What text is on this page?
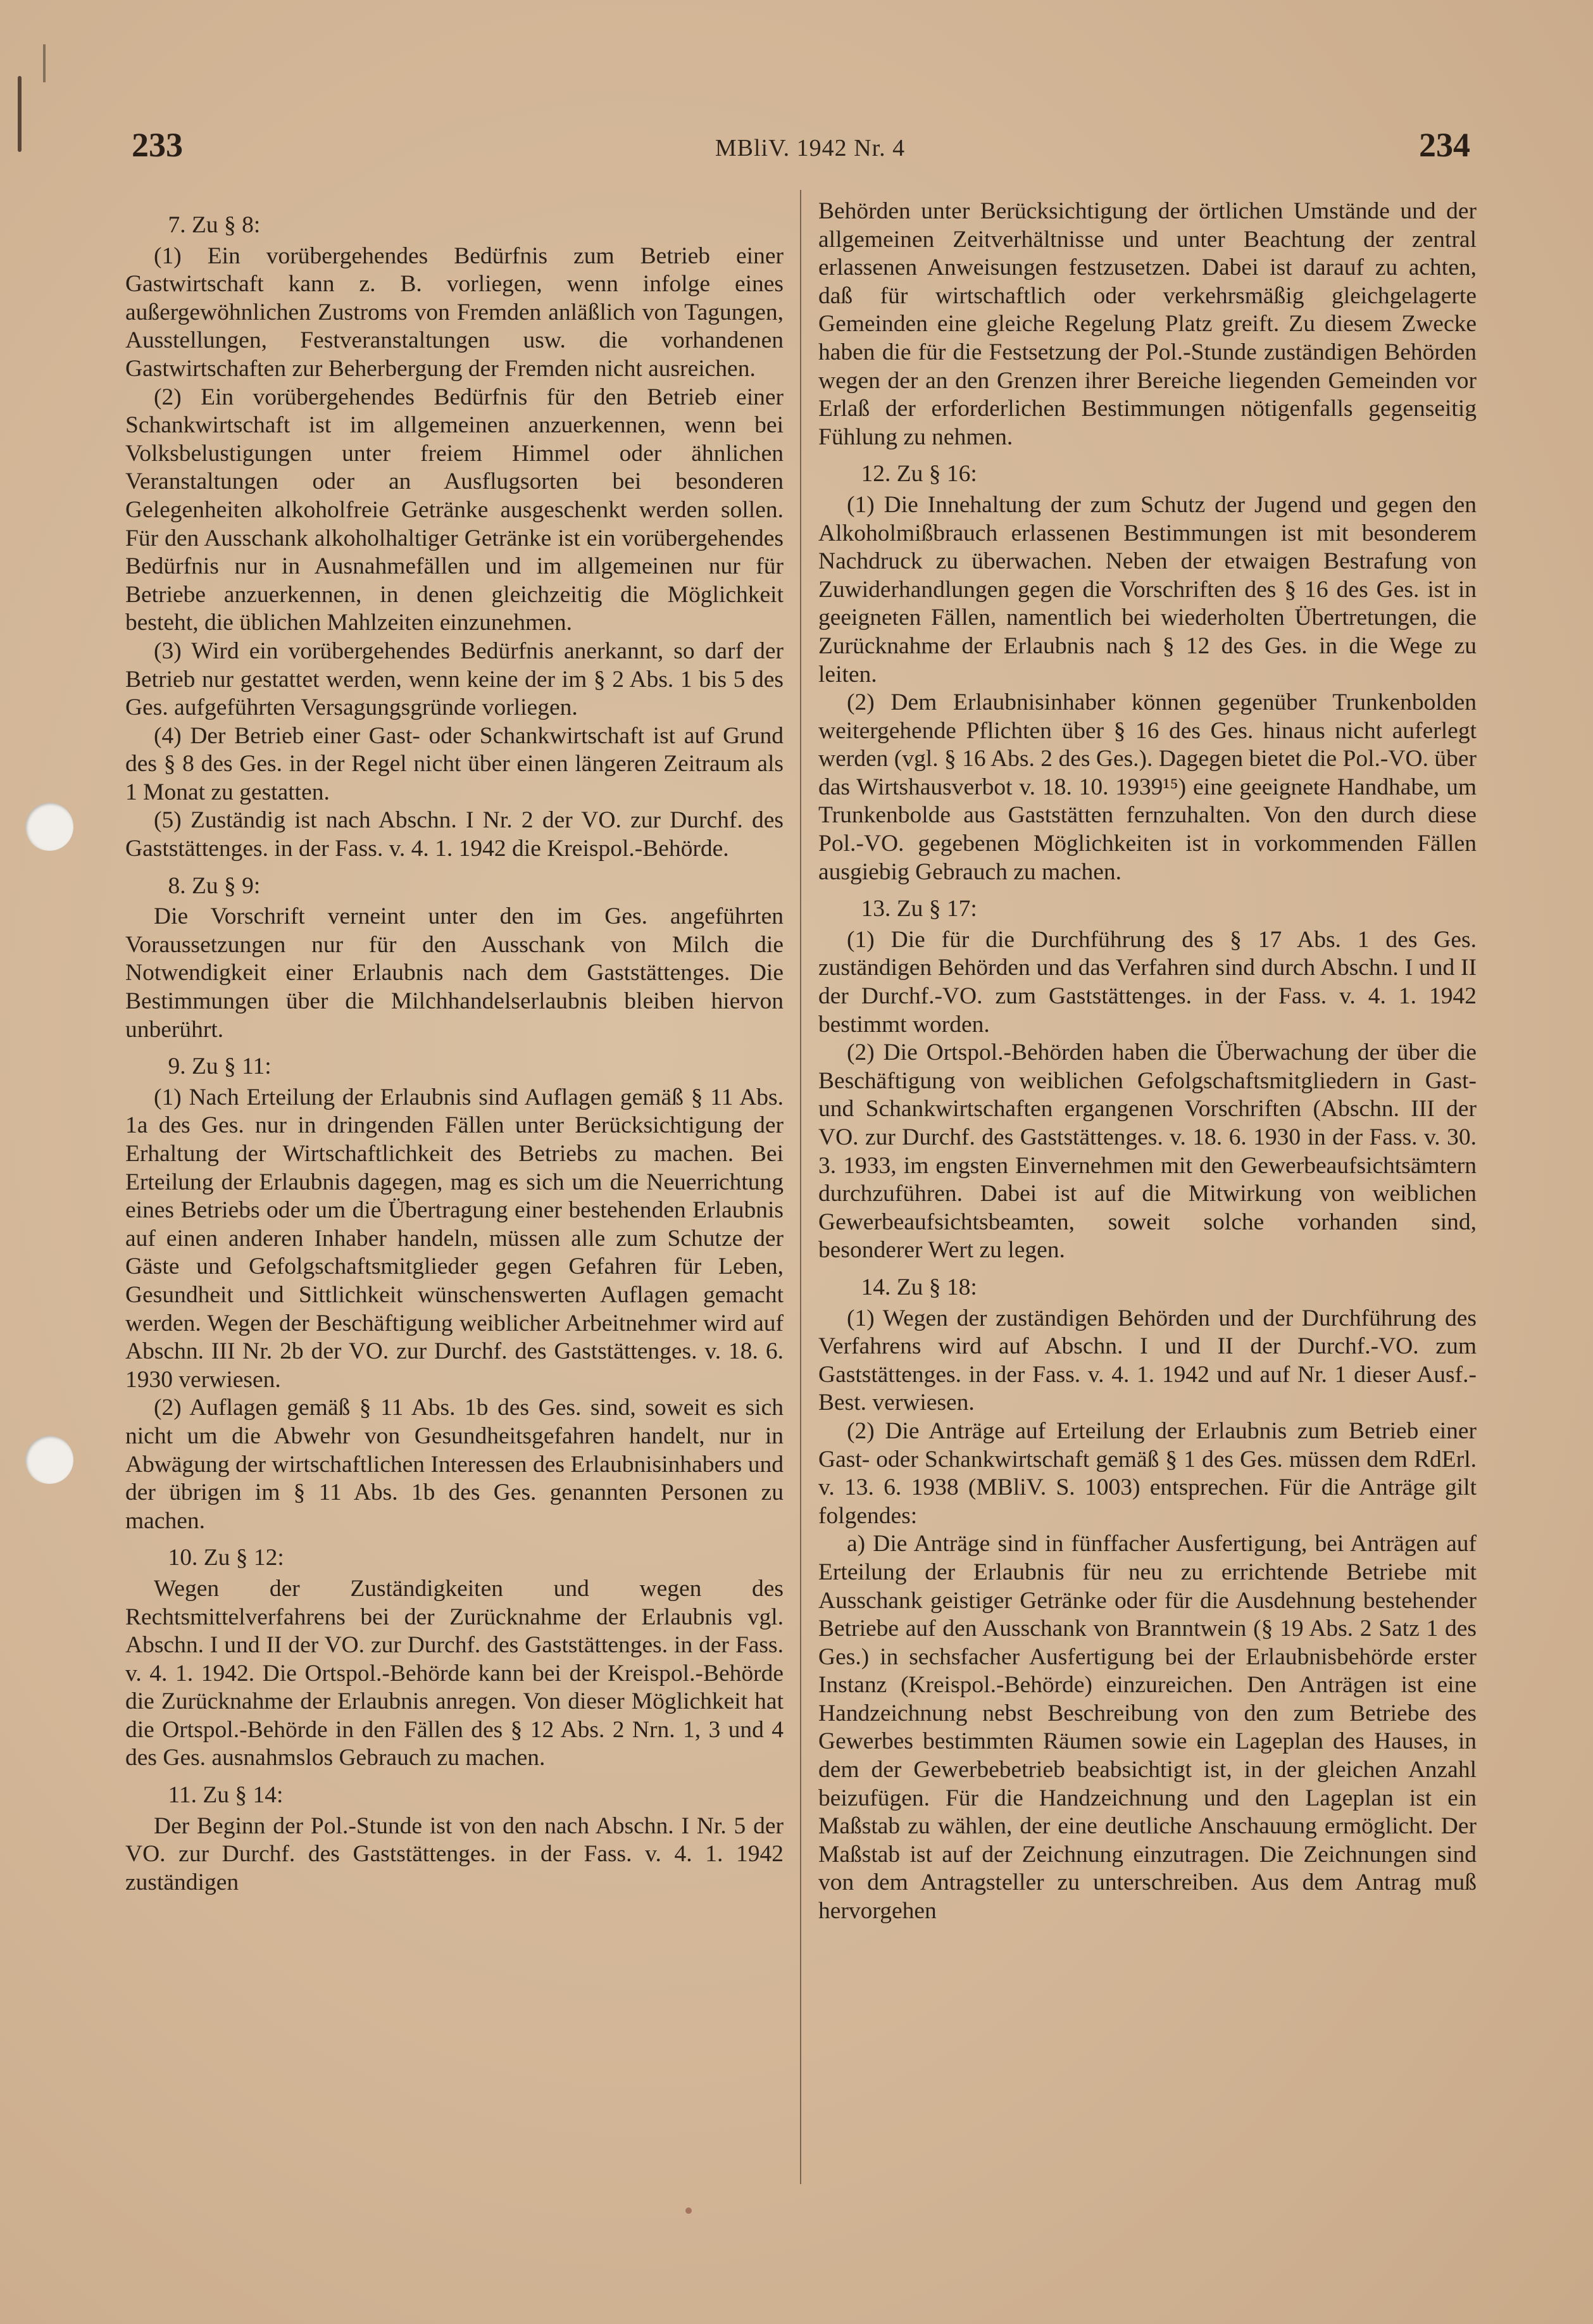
233	MBliV. 1942 Nr. 4	234

7. Zu § 8:

(1) Ein vorübergehendes Bedürfnis zum Betrieb einer Gastwirtschaft kann z. B. vorliegen, wenn infolge eines außergewöhnlichen Zustroms von Fremden anläßlich von Tagungen, Ausstellungen, Festveranstaltungen usw. die vorhandenen Gastwirtschaften zur Beherbergung der Fremden nicht ausreichen.

(2) Ein vorübergehendes Bedürfnis für den Betrieb einer Schankwirtschaft ist im allgemeinen anzuerkennen, wenn bei Volksbelustigungen unter freiem Himmel oder ähnlichen Veranstaltungen oder an Ausflugsorten bei besonderen Gelegenheiten alkoholfreie Getränke ausgeschenkt werden sollen. Für den Ausschank alkoholhaltiger Getränke ist ein vorübergehendes Bedürfnis nur in Ausnahmefällen und im allgemeinen nur für Betriebe anzuerkennen, in denen gleichzeitig die Möglichkeit besteht, die üblichen Mahlzeiten einzunehmen.

(3) Wird ein vorübergehendes Bedürfnis anerkannt, so darf der Betrieb nur gestattet werden, wenn keine der im § 2 Abs. 1 bis 5 des Ges. aufgeführten Versagungsgründe vorliegen.

(4) Der Betrieb einer Gast- oder Schankwirtschaft ist auf Grund des § 8 des Ges. in der Regel nicht über einen längeren Zeitraum als 1 Monat zu gestatten.

(5) Zuständig ist nach Abschn. I Nr. 2 der VO. zur Durchf. des Gaststättenges. in der Fass. v. 4. 1. 1942 die Kreispol.-Behörde.

8. Zu § 9:

Die Vorschrift verneint unter den im Ges. angeführten Voraussetzungen nur für den Ausschank von Milch die Notwendigkeit einer Erlaubnis nach dem Gaststättenges. Die Bestimmungen über die Milchhandelserlaubnis bleiben hiervon unberührt.

9. Zu § 11:

(1) Nach Erteilung der Erlaubnis sind Auflagen gemäß § 11 Abs. 1a des Ges. nur in dringenden Fällen unter Berücksichtigung der Erhaltung der Wirtschaftlichkeit des Betriebs zu machen. Bei Erteilung der Erlaubnis dagegen, mag es sich um die Neuerrichtung eines Betriebs oder um die Übertragung einer bestehenden Erlaubnis auf einen anderen Inhaber handeln, müssen alle zum Schutze der Gäste und Gefolgschaftsmitglieder gegen Gefahren für Leben, Gesundheit und Sittlichkeit wünschenswerten Auflagen gemacht werden. Wegen der Beschäftigung weiblicher Arbeitnehmer wird auf Abschn. III Nr. 2b der VO. zur Durchf. des Gaststättenges. v. 18. 6. 1930 verwiesen.

(2) Auflagen gemäß § 11 Abs. 1b des Ges. sind, soweit es sich nicht um die Abwehr von Gesundheitsgefahren handelt, nur in Abwägung der wirtschaftlichen Interessen des Erlaubnisinhabers und der übrigen im § 11 Abs. 1b des Ges. genannten Personen zu machen.

10. Zu § 12:

Wegen der Zuständigkeiten und wegen des Rechtsmittelverfahrens bei der Zurücknahme der Erlaubnis vgl. Abschn. I und II der VO. zur Durchf. des Gaststättenges. in der Fass. v. 4. 1. 1942. Die Ortspol.-Behörde kann bei der Kreispol.-Behörde die Zurücknahme der Erlaubnis anregen. Von dieser Möglichkeit hat die Ortspol.-Behörde in den Fällen des § 12 Abs. 2 Nrn. 1, 3 und 4 des Ges. ausnahmslos Gebrauch zu machen.

11. Zu § 14:

Der Beginn der Pol.-Stunde ist von den nach Abschn. I Nr. 5 der VO. zur Durchf. des Gaststättenges. in der Fass. v. 4. 1. 1942 zuständigen

Behörden unter Berücksichtigung der örtlichen Umstände und der allgemeinen Zeitverhältnisse und unter Beachtung der zentral erlassenen Anweisungen festzusetzen. Dabei ist darauf zu achten, daß für wirtschaftlich oder verkehrsmäßig gleichgelagerte Gemeinden eine gleiche Regelung Platz greift. Zu diesem Zwecke haben die für die Festsetzung der Pol.-Stunde zuständigen Behörden wegen der an den Grenzen ihrer Bereiche liegenden Gemeinden vor Erlaß der erforderlichen Bestimmungen nötigenfalls gegenseitig Fühlung zu nehmen.

12. Zu § 16:

(1) Die Innehaltung der zum Schutz der Jugend und gegen den Alkoholmißbrauch erlassenen Bestimmungen ist mit besonderem Nachdruck zu überwachen. Neben der etwaigen Bestrafung von Zuwiderhandlungen gegen die Vorschriften des § 16 des Ges. ist in geeigneten Fällen, namentlich bei wiederholten Übertretungen, die Zurücknahme der Erlaubnis nach § 12 des Ges. in die Wege zu leiten.

(2) Dem Erlaubnisinhaber können gegenüber Trunkenbolden weitergehende Pflichten über § 16 des Ges. hinaus nicht auferlegt werden (vgl. § 16 Abs. 2 des Ges.). Dagegen bietet die Pol.-VO. über das Wirtshausverbot v. 18. 10. 1939¹⁵) eine geeignete Handhabe, um Trunkenbolde aus Gaststätten fernzuhalten. Von den durch diese Pol.-VO. gegebenen Möglichkeiten ist in vorkommenden Fällen ausgiebig Gebrauch zu machen.

13. Zu § 17:

(1) Die für die Durchführung des § 17 Abs. 1 des Ges. zuständigen Behörden und das Verfahren sind durch Abschn. I und II der Durchf.-VO. zum Gaststättenges. in der Fass. v. 4. 1. 1942 bestimmt worden.

(2) Die Ortspol.-Behörden haben die Überwachung der über die Beschäftigung von weiblichen Gefolgschaftsmitgliedern in Gast- und Schankwirtschaften ergangenen Vorschriften (Abschn. III der VO. zur Durchf. des Gaststättenges. v. 18. 6. 1930 in der Fass. v. 30. 3. 1933, im engsten Einvernehmen mit den Gewerbeaufsichtsämtern durchzuführen. Dabei ist auf die Mitwirkung von weiblichen Gewerbeaufsichtsbeamten, soweit solche vorhanden sind, besonderer Wert zu legen.

14. Zu § 18:

(1) Wegen der zuständigen Behörden und der Durchführung des Verfahrens wird auf Abschn. I und II der Durchf.-VO. zum Gaststättenges. in der Fass. v. 4. 1. 1942 und auf Nr. 1 dieser Ausf.-Best. verwiesen.

(2) Die Anträge auf Erteilung der Erlaubnis zum Betrieb einer Gast- oder Schankwirtschaft gemäß § 1 des Ges. müssen dem RdErl. v. 13. 6. 1938 (MBliV. S. 1003) entsprechen. Für die Anträge gilt folgendes:

a) Die Anträge sind in fünffacher Ausfertigung, bei Anträgen auf Erteilung der Erlaubnis für neu zu errichtende Betriebe mit Ausschank geistiger Getränke oder für die Ausdehnung bestehender Betriebe auf den Ausschank von Branntwein (§ 19 Abs. 2 Satz 1 des Ges.) in sechsfacher Ausfertigung bei der Erlaubnisbehörde erster Instanz (Kreispol.-Behörde) einzureichen. Den Anträgen ist eine Handzeichnung nebst Beschreibung von den zum Betriebe des Gewerbes bestimmten Räumen sowie ein Lageplan des Hauses, in dem der Gewerbebetrieb beabsichtigt ist, in der gleichen Anzahl beizufügen. Für die Handzeichnung und den Lageplan ist ein Maßstab zu wählen, der eine deutliche Anschauung ermöglicht. Der Maßstab ist auf der Zeichnung einzutragen. Die Zeichnungen sind von dem Antragsteller zu unterschreiben. Aus dem Antrag muß hervorgehen
